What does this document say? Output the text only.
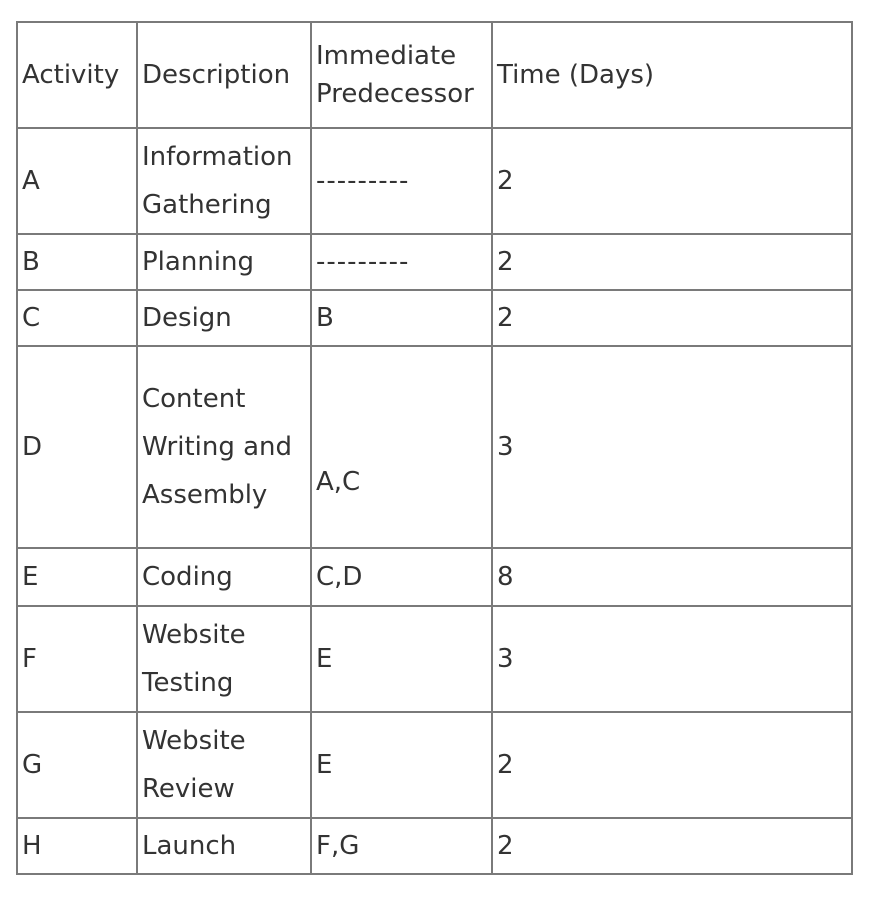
Activity	Description	Immediate Predecessor	Time (Days)
A	Information Gathering	---------	2
B	Planning	---------	2
C	Design	B	2
D	Content Writing and Assembly	A,C	3
E	Coding	C,D	8
F	Website Testing	E	3
G	Website Review	E	2
H	Launch	F,G	2
